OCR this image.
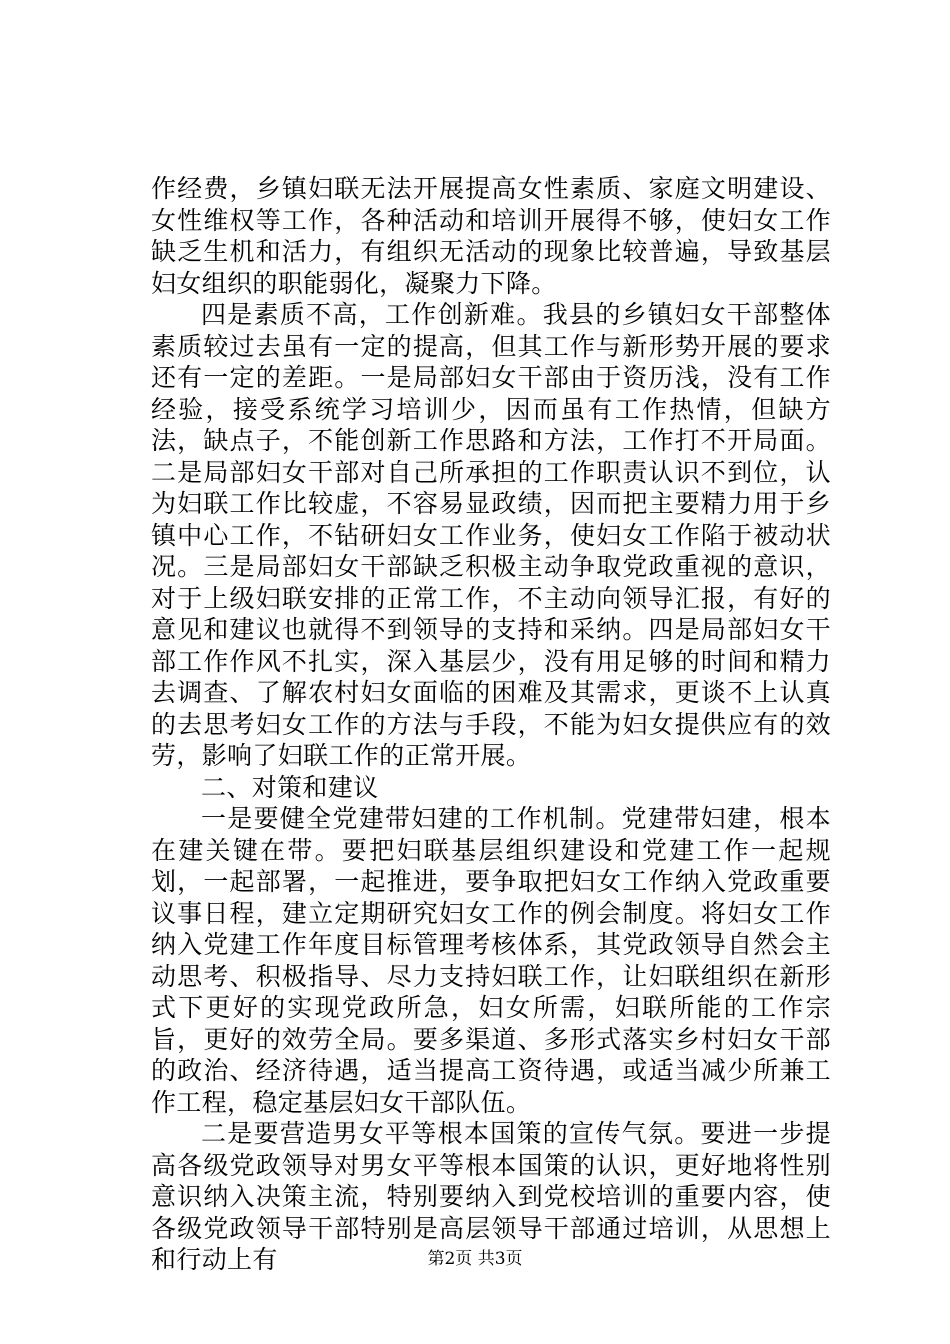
作经费，乡镇妇联无法开展提高女性素质、家庭文明建设、女性维权等工作，各种活动和培训开展得不够，使妇女工作缺乏生机和活力，有组织无活动的现象比较普遍，导致基层妇女组织的职能弱化，凝聚力下降。

四是素质不高，工作创新难。我县的乡镇妇女干部整体素质较过去虽有一定的提高，但其工作与新形势开展的要求还有一定的差距。一是局部妇女干部由于资历浅，没有工作经验，接受系统学习培训少，因而虽有工作热情，但缺方法，缺点子，不能创新工作思路和方法，工作打不开局面。二是局部妇女干部对自己所承担的工作职责认识不到位，认为妇联工作比较虚，不容易显政绩，因而把主要精力用于乡镇中心工作，不钻研妇女工作业务，使妇女工作陷于被动状况。三是局部妇女干部缺乏积极主动争取党政重视的意识，对于上级妇联安排的正常工作，不主动向领导汇报，有好的意见和建议也就得不到领导的支持和采纳。四是局部妇女干部工作作风不扎实，深入基层少，没有用足够的时间和精力去调查、了解农村妇女面临的困难及其需求，更谈不上认真的去思考妇女工作的方法与手段，不能为妇女提供应有的效劳，影响了妇联工作的正常开展。

二、对策和建议

一是要健全党建带妇建的工作机制。党建带妇建，根本在建关键在带。要把妇联基层组织建设和党建工作一起规划，一起部署，一起推进，要争取把妇女工作纳入党政重要议事日程，建立定期研究妇女工作的例会制度。将妇女工作纳入党建工作年度目标管理考核体系，其党政领导自然会主动思考、积极指导、尽力支持妇联工作，让妇联组织在新形式下更好的实现党政所急，妇女所需，妇联所能的工作宗旨，更好的效劳全局。要多渠道、多形式落实乡村妇女干部的政治、经济待遇，适当提高工资待遇，或适当减少所兼工作工程，稳定基层妇女干部队伍。

二是要营造男女平等根本国策的宣传气氛。要进一步提高各级党政领导对男女平等根本国策的认识，更好地将性别意识纳入决策主流，特别要纳入到党校培训的重要内容，使各级党政领导干部特别是高层领导干部通过培训，从思想上和行动上有	第2页 共3页
